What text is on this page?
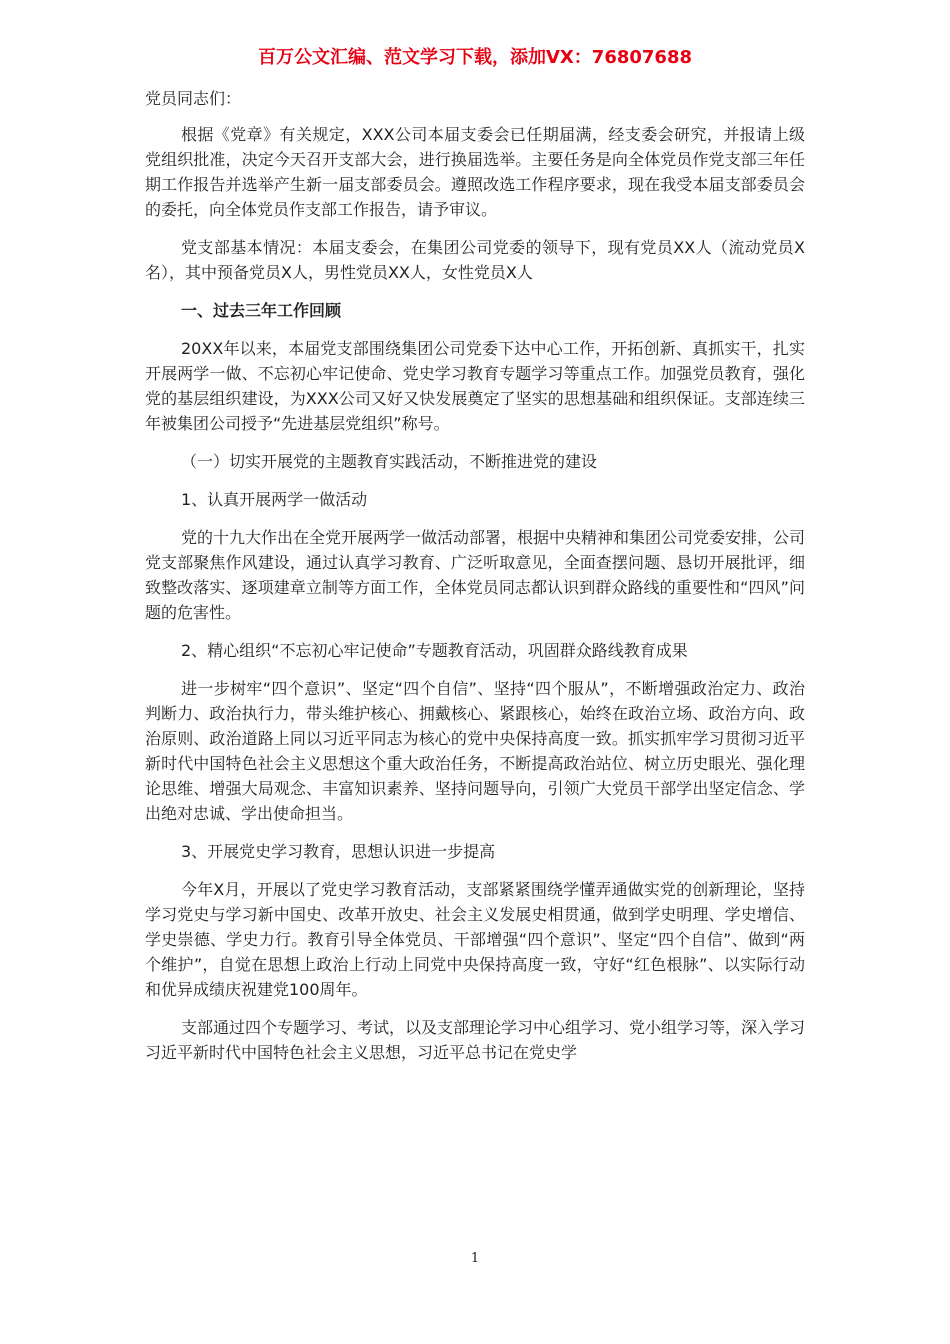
百万公文汇编、范文学习下载，添加VX：76807688

党员同志们：

根据《党章》有关规定，XXX公司本届支委会已任期届满，经支委会研究，并报请上级党组织批准，决定今天召开支部大会，进行换届选举。主要任务是向全体党员作党支部三年任期工作报告并选举产生新一届支部委员会。遵照改选工作程序要求，现在我受本届支部委员会的委托，向全体党员作支部工作报告，请予审议。

党支部基本情况：本届支委会，在集团公司党委的领导下，现有党员XX人（流动党员X名），其中预备党员X人，男性党员XX人，女性党员X人

一、过去三年工作回顾

20XX年以来，本届党支部围绕集团公司党委下达中心工作，开拓创新、真抓实干，扎实开展两学一做、不忘初心牢记使命、党史学习教育专题学习等重点工作。加强党员教育，强化党的基层组织建设，为XXX公司又好又快发展奠定了坚实的思想基础和组织保证。支部连续三年被集团公司授予“先进基层党组织”称号。

（一）切实开展党的主题教育实践活动，不断推进党的建设

1、认真开展两学一做活动

党的十九大作出在全党开展两学一做活动部署，根据中央精神和集团公司党委安排，公司党支部聚焦作风建设，通过认真学习教育、广泛听取意见，全面查摆问题、恳切开展批评，细致整改落实、逐项建章立制等方面工作，全体党员同志都认识到群众路线的重要性和“四风”问题的危害性。

2、精心组织“不忘初心牢记使命”专题教育活动，巩固群众路线教育成果

进一步树牢“四个意识”、坚定“四个自信”、坚持“四个服从”，不断增强政治定力、政治判断力、政治执行力，带头维护核心、拥戴核心、紧跟核心，始终在政治立场、政治方向、政治原则、政治道路上同以习近平同志为核心的党中央保持高度一致。抓实抓牢学习贯彻习近平新时代中国特色社会主义思想这个重大政治任务，不断提高政治站位、树立历史眼光、强化理论思维、增强大局观念、丰富知识素养、坚持问题导向，引领广大党员干部学出坚定信念、学出绝对忠诚、学出使命担当。

3、开展党史学习教育，思想认识进一步提高

今年X月，开展以了党史学习教育活动，支部紧紧围绕学懂弄通做实党的创新理论，坚持学习党史与学习新中国史、改革开放史、社会主义发展史相贯通，做到学史明理、学史增信、学史崇德、学史力行。教育引导全体党员、干部增强“四个意识”、坚定“四个自信”、做到“两个维护”，自觉在思想上政治上行动上同党中央保持高度一致，守好“红色根脉”、以实际行动和优异成绩庆祝建党100周年。

支部通过四个专题学习、考试，以及支部理论学习中心组学习、党小组学习等，深入学习习近平新时代中国特色社会主义思想，习近平总书记在党史学

1
